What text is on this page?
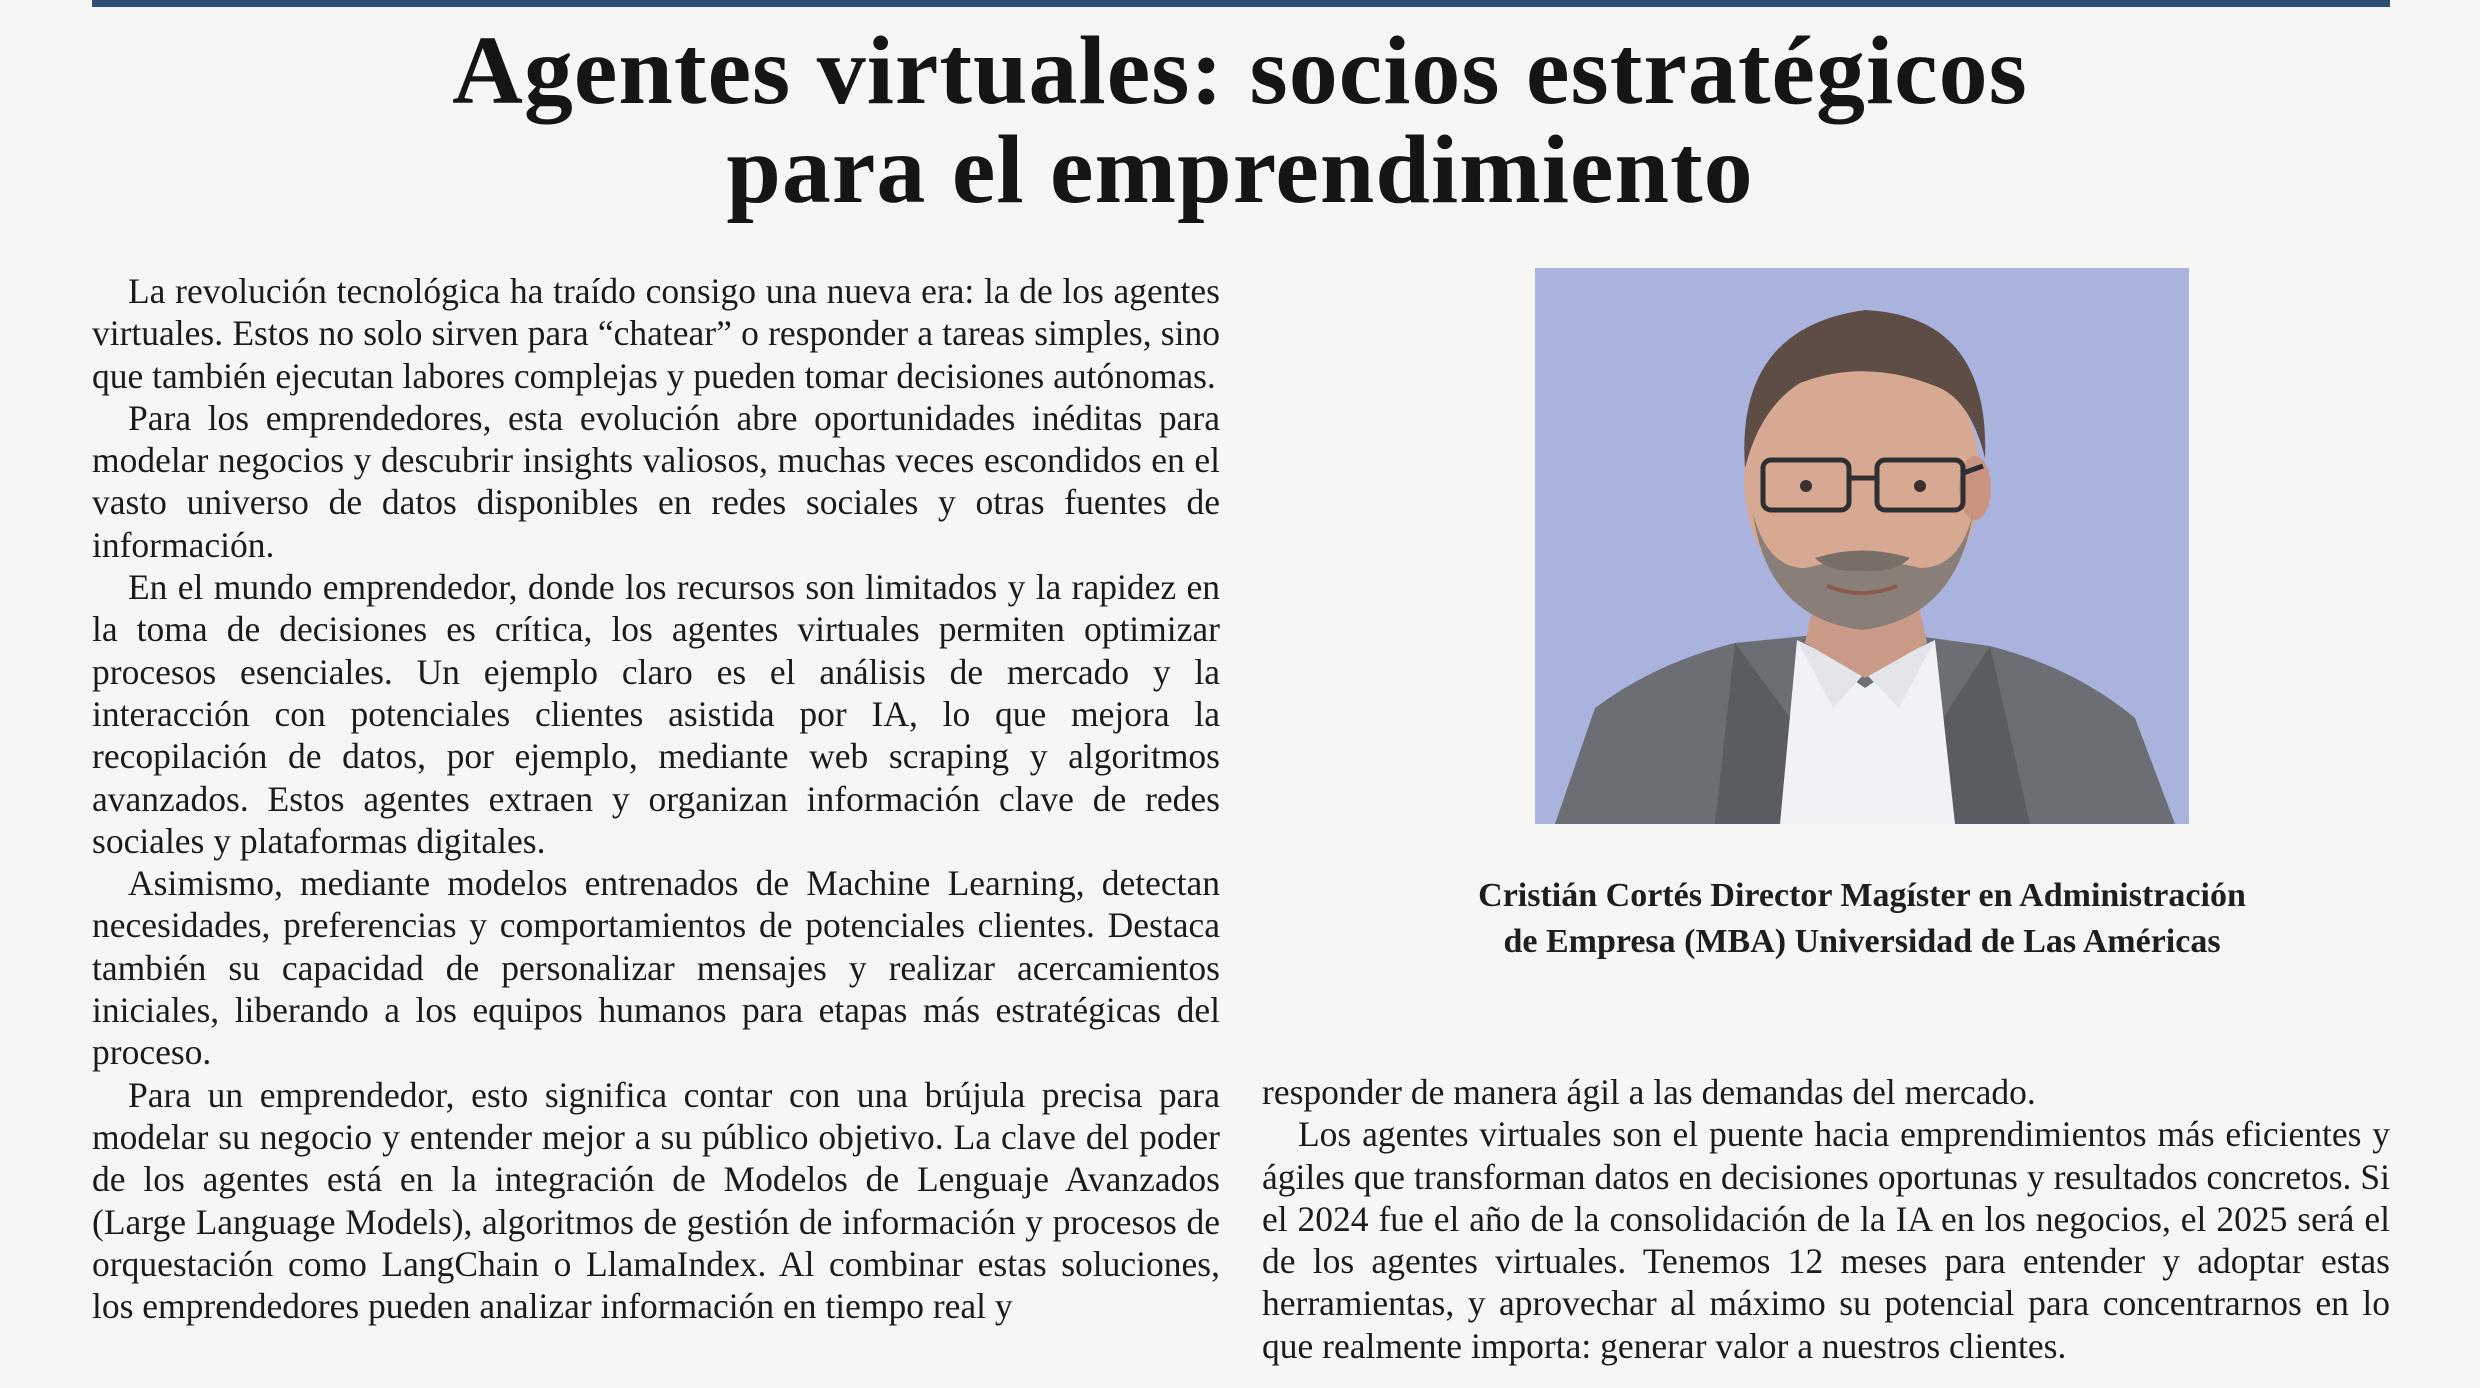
Agentes virtuales: socios estratégicos
para el emprendimiento

La revolución tecnológica ha traído consigo una nueva era: la de los agentes virtuales. Estos no solo sirven para “chatear” o responder a tareas simples, sino que también ejecutan labores complejas y pueden tomar decisiones autónomas.

Para los emprendedores, esta evolución abre oportunidades inéditas para modelar negocios y descubrir insights valiosos, muchas veces escondidos en el vasto universo de datos disponibles en redes sociales y otras fuentes de información.

En el mundo emprendedor, donde los recursos son limitados y la rapidez en la toma de decisiones es crítica, los agentes virtuales permiten optimizar procesos esenciales. Un ejemplo claro es el análisis de mercado y la interacción con potenciales clientes asistida por IA, lo que mejora la recopilación de datos, por ejemplo, mediante web scraping y algoritmos avanzados. Estos agentes extraen y organizan información clave de redes sociales y plataformas digitales.

Asimismo, mediante modelos entrenados de Machine Learning, detectan necesidades, preferencias y comportamientos de potenciales clientes. Destaca también su capacidad de personalizar mensajes y realizar acercamientos iniciales, liberando a los equipos humanos para etapas más estratégicas del proceso.

Para un emprendedor, esto significa contar con una brújula precisa para modelar su negocio y entender mejor a su público objetivo. La clave del poder de los agentes está en la integración de Modelos de Lenguaje Avanzados (Large Language Models), algoritmos de gestión de información y procesos de orquestación como LangChain o LlamaIndex. Al combinar estas soluciones, los emprendedores pueden analizar información en tiempo real y

Cristián Cortés Director Magíster en Administración
de Empresa (MBA) Universidad de Las Américas

responder de manera ágil a las demandas del mercado.

Los agentes virtuales son el puente hacia emprendimientos más eficientes y ágiles que transforman datos en decisiones oportunas y resultados concretos. Si el 2024 fue el año de la consolidación de la IA en los negocios, el 2025 será el de los agentes virtuales. Tenemos 12 meses para entender y adoptar estas herramientas, y aprovechar al máximo su potencial para concentrarnos en lo que realmente importa: generar valor a nuestros clientes.
